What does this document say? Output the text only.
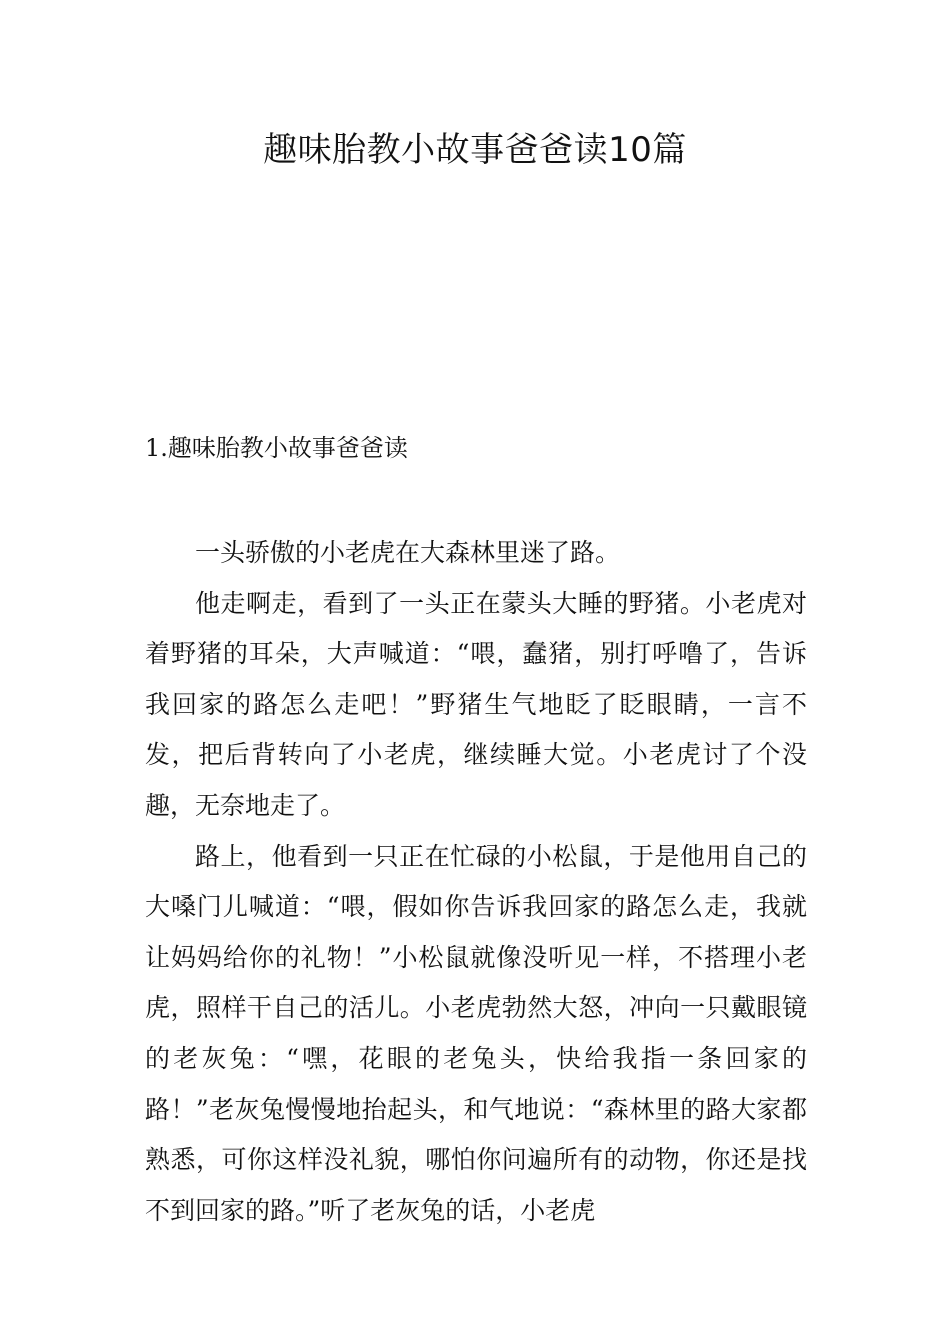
趣味胎教小故事爸爸读10篇
1.趣味胎教小故事爸爸读

一头骄傲的小老虎在大森林里迷了路。

他走啊走，看到了一头正在蒙头大睡的野猪。小老虎对着野猪的耳朵，大声喊道：“喂，蠢猪，别打呼噜了，告诉我回家的路怎么走吧！”野猪生气地眨了眨眼睛，一言不发，把后背转向了小老虎，继续睡大觉。小老虎讨了个没趣，无奈地走了。

路上，他看到一只正在忙碌的小松鼠，于是他用自己的大嗓门儿喊道：“喂，假如你告诉我回家的路怎么走，我就让妈妈给你的礼物！”小松鼠就像没听见一样，不搭理小老虎，照样干自己的活儿。小老虎勃然大怒，冲向一只戴眼镜的老灰兔：“嘿，花眼的老兔头，快给我指一条回家的路！”老灰兔慢慢地抬起头，和气地说：“森林里的路大家都熟悉，可你这样没礼貌，哪怕你问遍所有的动物，你还是找不到回家的路。”听了老灰兔的话，小老虎
